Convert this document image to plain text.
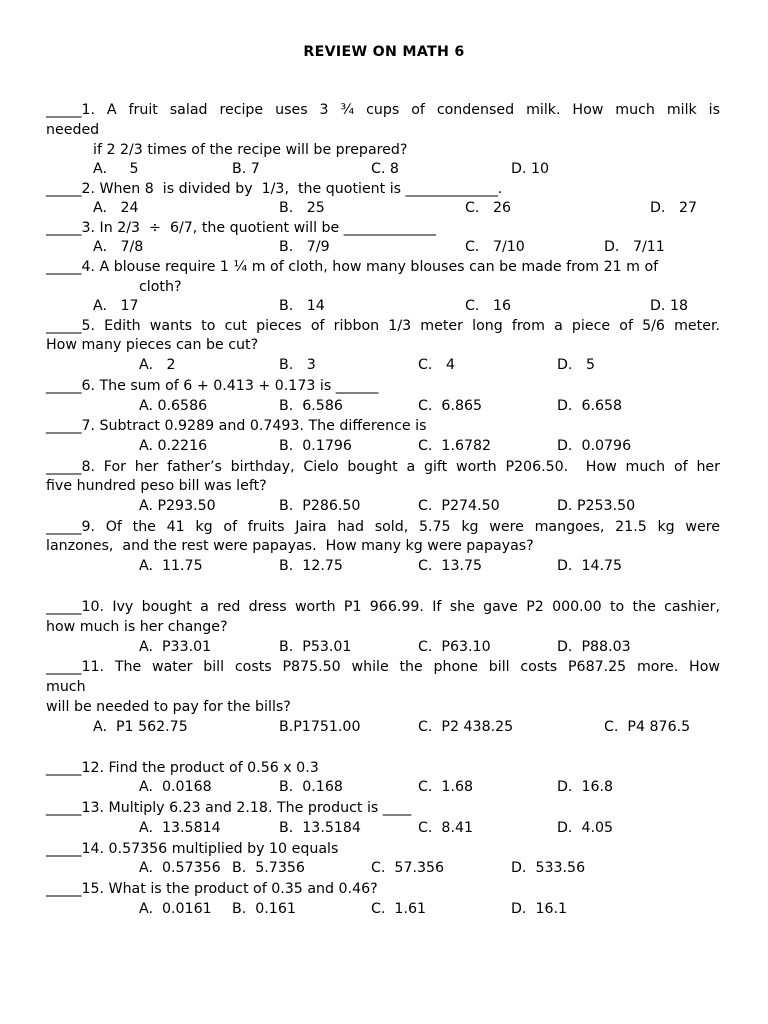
REVIEW ON MATH 6
_____1. A fruit salad recipe uses 3 ¾ cups of condensed milk. How much milk is
needed
if 2 2/3 times of the recipe will be prepared?
A.     5	B. 7	C. 8	D. 10
_____2. When 8  is divided by  1/3,  the quotient is _____________.
A.   24	B.   25	C.   26	D.   27
_____3. In 2/3  ÷  6/7, the quotient will be _____________
A.   7/8	B.   7/9	C.   7/10	D.   7/11
_____4. A blouse require 1 ¼ m of cloth, how many blouses can be made from 21 m of
cloth?
A.   17	B.   14	C.   16	D. 18
_____5. Edith wants to cut pieces of ribbon 1/3 meter long from a piece of 5/6 meter.
How many pieces can be cut?
A.   2	B.   3	C.   4	D.   5
_____6. The sum of 6 + 0.413 + 0.173 is ______
A. 0.6586	B.  6.586	C.  6.865	D.  6.658
_____7. Subtract 0.9289 and 0.7493. The difference is
A. 0.2216	B.  0.1796	C.  1.6782	D.  0.0796
_____8. For her father’s birthday, Cielo bought a gift worth P206.50.  How much of her
five hundred peso bill was left?
A. P293.50	B.  P286.50	C.  P274.50	D. P253.50
_____9. Of the 41 kg of fruits Jaira had sold, 5.75 kg were mangoes, 21.5 kg were
lanzones,  and the rest were papayas.  How many kg were papayas?
A.  11.75	B.  12.75	C.  13.75	D.  14.75
_____10. Ivy bought a red dress worth P1 966.99. If she gave P2 000.00 to the cashier,
how much is her change?
A.  P33.01	B.  P53.01	C.  P63.10	D.  P88.03
_____11. The water bill costs P875.50 while the phone bill costs P687.25 more. How
much
will be needed to pay for the bills?
A.  P1 562.75	B.P1751.00	C.  P2 438.25	C.  P4 876.5
_____12. Find the product of 0.56 x 0.3
A.  0.0168	B.  0.168	C.  1.68	D.  16.8
_____13. Multiply 6.23 and 2.18. The product is ____
A.  13.5814	B.  13.5184	C.  8.41	D.  4.05
_____14. 0.57356 multiplied by 10 equals
A.  0.57356 B.  5.7356	C.  57.356	D.  533.56
_____15. What is the product of 0.35 and 0.46?
A.  0.0161 B.  0.161	C.  1.61	D.  16.1
